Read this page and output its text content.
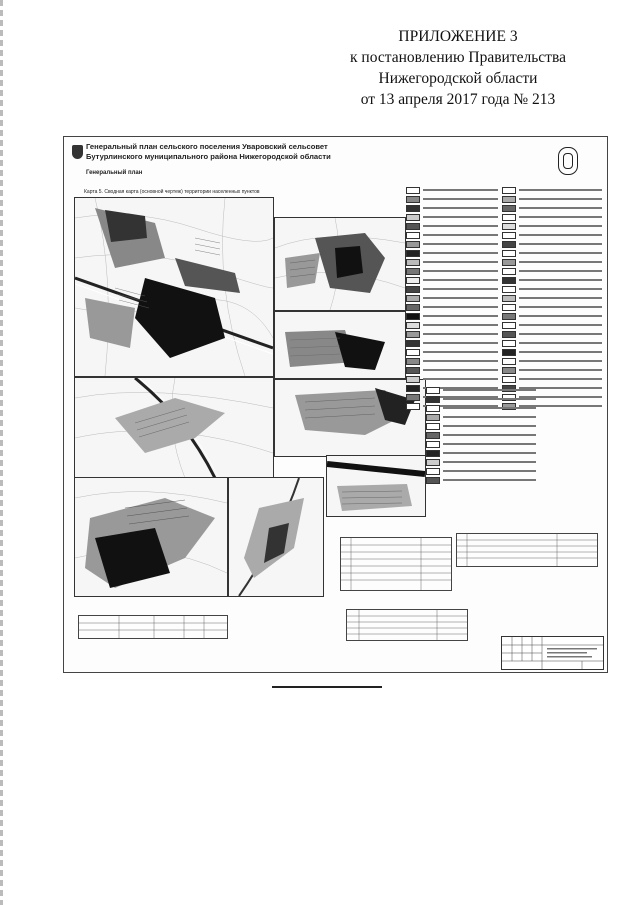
ПРИЛОЖЕНИЕ 3
к постановлению Правительства
Нижегородской области
от 13 апреля 2017 года № 213
Генеральный план сельского поселения Уваровский сельсовет
Бутурлинского муниципального района Нижегородской области
Генеральный план
Карта 5. Сводная карта (основной чертеж) территории населенных пунктов
